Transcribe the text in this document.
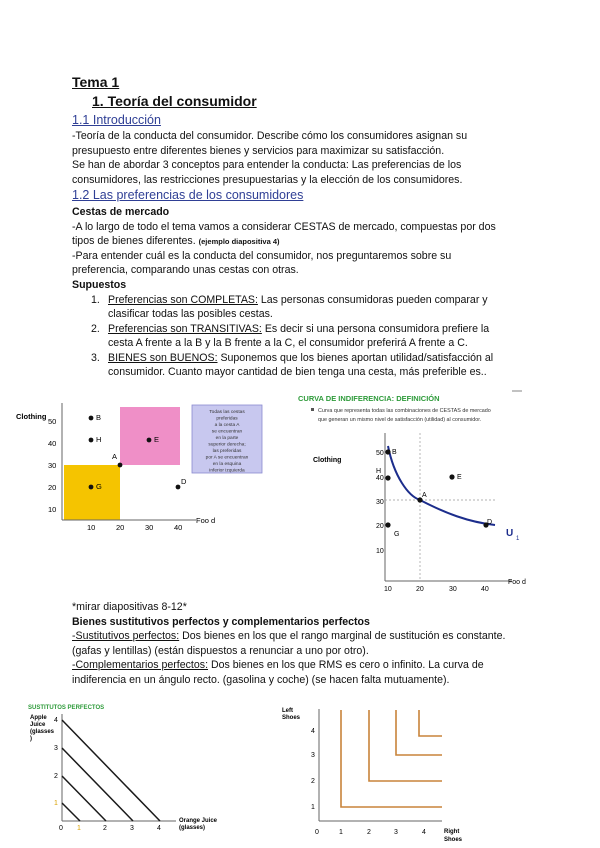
Tema 1
1. Teoría del consumidor
1.1 Introducción
-Teoría de la conducta del consumidor. Describe cómo los consumidores asignan su
presupuesto entre diferentes bienes y servicios para maximizar su satisfacción.
Se han de abordar 3 conceptos para entender la conducta: Las preferencias de los
consumidores, las restricciones presupuestarias y la elección de los consumidores.
1.2 Las preferencias de los consumidores
Cestas de mercado
-A lo largo de todo el tema vamos a considerar CESTAS de mercado, compuestas por dos
tipos de bienes diferentes. (ejemplo diapositiva 4)
-Para entender cuál es la conducta del consumidor, nos preguntaremos sobre su
preferencia, comparando unas cestas con otras.
Supuestos
1. Preferencias son COMPLETAS: Las personas consumidoras pueden comparar y
clasificar todas las posibles cestas.
2. Preferencias son TRANSITIVAS: Es decir si una persona consumidora prefiere la
cesta A frente a la B y la B frente a la C, el consumidor preferirá A frente a C.
3. BIENES son BUENOS: Suponemos que los bienes aportan utilidad/satisfacción al
consumidor. Cuanto mayor cantidad de bien tenga una cesta, más preferible es..
Clothing
Foo d
50
40
30
20
10
10	20	30	40
B
H
A
E
G
D
Todas las cestas
preferidas
a la cesta A
se encuentran
en la parte
superior derecha;
las preferidas
por A se encuentran
en la esquina
inferior izquierda
CURVA DE INDIFERENCIA: DEFINICIÓN
Curva que representa todas las combinaciones de CESTAS de mercado
que generan un mismo nivel de satisfacción (utilidad) al consumidor.
Clothing
Foo d
50
40
30
20
10
10	20	30	40
B
H
E
A
D
G	U 1
*mirar diapositivas 8-12*
Bienes sustitutivos perfectos y complementarios perfectos
-Sustitutivos perfectos: Dos bienes en los que el rango marginal de sustitución es constante.
(gafas y lentillas) (están dispuestos a renunciar a uno por otro).
-Complementarios perfectos: Dos bienes en los que RMS es cero o infinito. La curva de
indiferencia en un ángulo recto. (gasolina y coche) (se hacen falta mutuamente).
SUSTITUTOS PERFECTOS
Apple
Juice
(glasses
)
4
3
2
1
0 1	2	3	4
Orange Juice
(glasses)
Left
Shoes
4
3
2
1
0	1	2	3	4	Right
Shoes
